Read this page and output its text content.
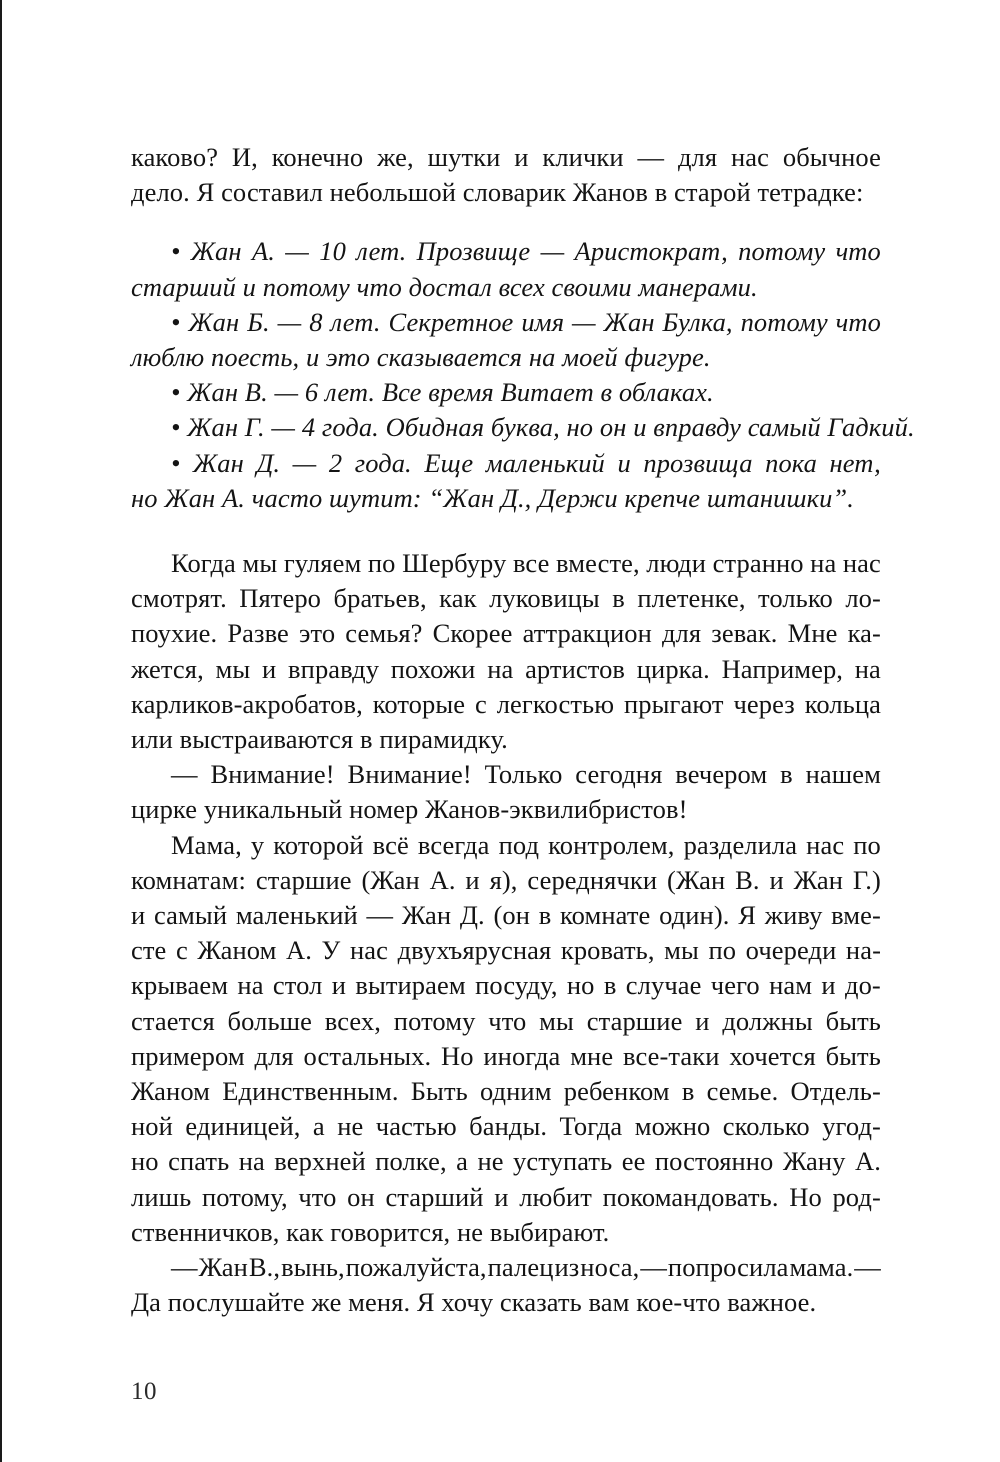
каково? И, конечно же, шутки и клички — для нас обычное
дело. Я составил небольшой словарик Жанов в старой тетрадке:
• Жан А. — 10 лет. Прозвище — Аристократ, потому что
старший и потому что достал всех своими манерами.
• Жан Б. — 8 лет. Секретное имя — Жан Булка, потому что
люблю поесть, и это сказывается на моей фигуре.
• Жан В. — 6 лет. Все время Витает в облаках.
• Жан Г. — 4 года. Обидная буква, но он и вправду самый Гадкий.
• Жан Д. — 2 года. Еще маленький и прозвища пока нет,
но Жан А. часто шутит: “Жан Д., Держи крепче штанишки”.
Когда мы гуляем по Шербуру все вместе, люди странно на нас
смотрят. Пятеро братьев, как луковицы в плетенке, только ло-
поухие. Разве это семья? Скорее аттракцион для зевак. Мне ка-
жется, мы и вправду похожи на артистов цирка. Например, на
карликов-акробатов, которые с легкостью прыгают через кольца
или выстраиваются в пирамидку.
— Внимание! Внимание! Только сегодня вечером в нашем
цирке уникальный номер Жанов-эквилибристов!
Мама, у которой всё всегда под контролем, разделила нас по
комнатам: старшие (Жан А. и я), середнячки (Жан В. и Жан Г.)
и самый маленький — Жан Д. (он в комнате один). Я живу вме-
сте с Жаном А. У нас двухъярусная кровать, мы по очереди на-
крываем на стол и вытираем посуду, но в случае чего нам и до-
стается больше всех, потому что мы старшие и должны быть
примером для остальных. Но иногда мне все-таки хочется быть
Жаном Единственным. Быть одним ребенком в семье. Отдель-
ной единицей, а не частью банды. Тогда можно сколько угод-
но спать на верхней полке, а не уступать ее постоянно Жану А.
лишь потому, что он старший и любит покомандовать. Но род-
ственничков, как говорится, не выбирают.
— Жан В., вынь, пожалуйста, палец из носа, — попросила мама. —
Да послушайте же меня. Я хочу сказать вам кое-что важное.
10
